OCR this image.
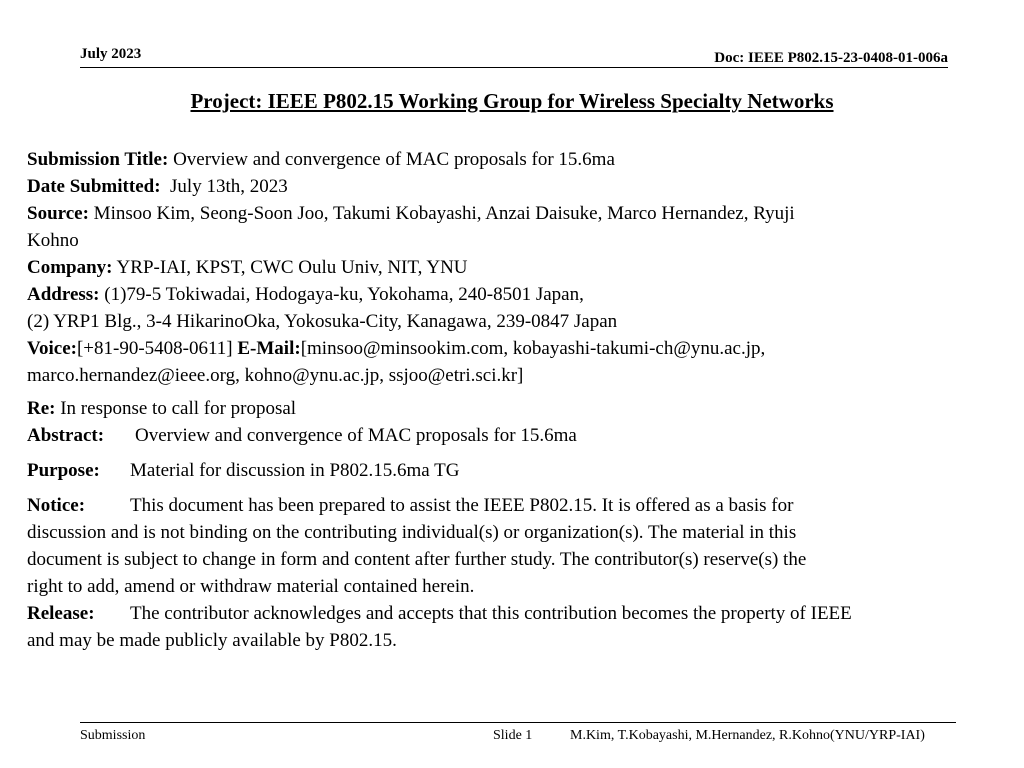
July 2023	Doc: IEEE P802.15-23-0408-01-006a
Project: IEEE P802.15 Working Group for Wireless Specialty Networks
Submission Title: Overview and convergence of MAC proposals for 15.6ma
Date Submitted:  July 13th, 2023
Source: Minsoo Kim, Seong-Soon Joo, Takumi Kobayashi, Anzai Daisuke, Marco Hernandez, Ryuji
Kohno
Company: YRP-IAI, KPST, CWC Oulu Univ, NIT, YNU
Address: (1)79-5 Tokiwadai, Hodogaya-ku, Yokohama, 240-8501 Japan,
(2) YRP1 Blg., 3-4 HikarinoOka, Yokosuka-City, Kanagawa, 239-0847 Japan
Voice:[+81-90-5408-0611] E-Mail:[minsoo@minsookim.com, kobayashi-takumi-ch@ynu.ac.jp,
marco.hernandez@ieee.org, kohno@ynu.ac.jp, ssjoo@etri.sci.kr]
Re: In response to call for proposal
Abstract: Overview and convergence of MAC proposals for 15.6ma
Purpose: Material for discussion in P802.15.6ma TG
Notice: This document has been prepared to assist the IEEE P802.15. It is offered as a basis for
discussion and is not binding on the contributing individual(s) or organization(s). The material in this
document is subject to change in form and content after further study. The contributor(s) reserve(s) the
right to add, amend or withdraw material contained herein.
Release: The contributor acknowledges and accepts that this contribution becomes the property of IEEE
and may be made publicly available by P802.15.
Submission	Slide 1	M.Kim, T.Kobayashi, M.Hernandez, R.Kohno(YNU/YRP-IAI)
